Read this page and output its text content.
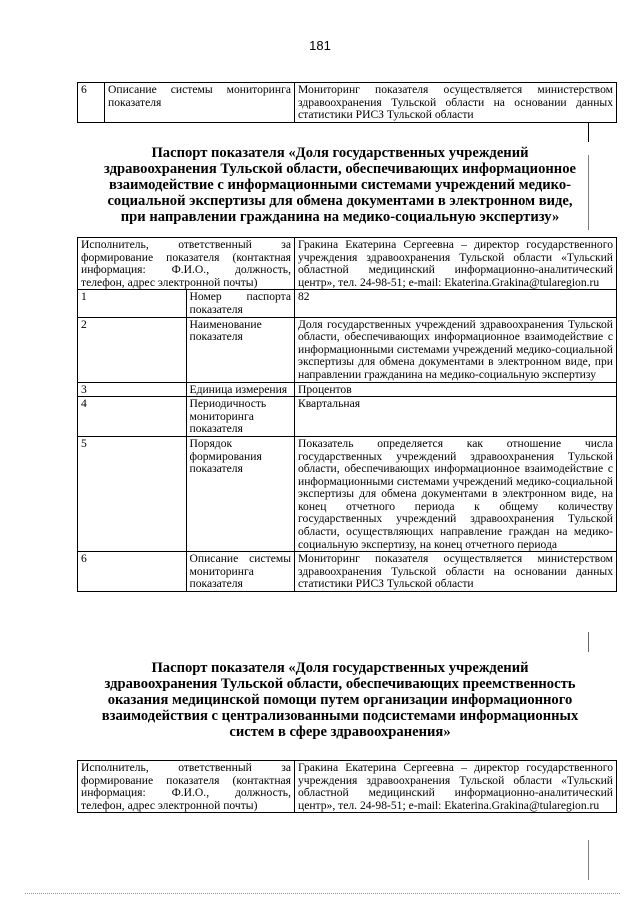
181
6	Описание системы мониторинга показателя	Мониторинг показателя осуществляется министерством здравоохранения Тульской области на основании данных статистики РИСЗ Тульской области
Паспорт показателя «Доля государственных учреждений
здравоохранения Тульской области, обеспечивающих информационное
взаимодействие с информационными системами учреждений медико-
социальной экспертизы для обмена документами в электронном виде,
при направлении гражданина на медико-социальную экспертизу»
Исполнитель, ответственный за формирование показателя (контактная информация: Ф.И.О., должность, телефон, адрес электронной почты)		Гракина Екатерина Сергеевна – директор государственного учреждения здравоохранения Тульской области «Тульский областной медицинский информационно-аналитический центр», тел. 24-98-51; e-mail: Ekaterina.Grakina@tularegion.ru
1	Номер паспорта показателя	82
2	Наименование показателя	Доля государственных учреждений здравоохранения Тульской области, обеспечивающих информационное взаимодействие с информационными системами учреждений медико-социальной экспертизы для обмена документами в электронном виде, при направлении гражданина на медико-социальную экспертизу
3	Единица измерения	Процентов
4	Периодичность мониторинга показателя	Квартальная
5	Порядок формирования показателя	Показатель определяется как отношение числа государственных учреждений здравоохранения Тульской области, обеспечивающих информационное взаимодействие с информационными системами учреждений медико-социальной экспертизы для обмена документами в электронном виде, на конец отчетного периода к общему количеству государственных учреждений здравоохранения Тульской области, осуществляющих направление граждан на медико-социальную экспертизу, на конец отчетного периода
6	Описание системы мониторинга показателя	Мониторинг показателя осуществляется министерством здравоохранения Тульской области на основании данных статистики РИСЗ Тульской области
Паспорт показателя «Доля государственных учреждений
здравоохранения Тульской области, обеспечивающих преемственность
оказания медицинской помощи путем организации информационного
взаимодействия с централизованными подсистемами информационных
систем в сфере здравоохранения»
Исполнитель, ответственный за формирование показателя (контактная информация: Ф.И.О., должность, телефон, адрес электронной почты)	Гракина Екатерина Сергеевна – директор государственного учреждения здравоохранения Тульской области «Тульский областной медицинский информационно-аналитический центр», тел. 24-98-51; e-mail: Ekaterina.Grakina@tularegion.ru
